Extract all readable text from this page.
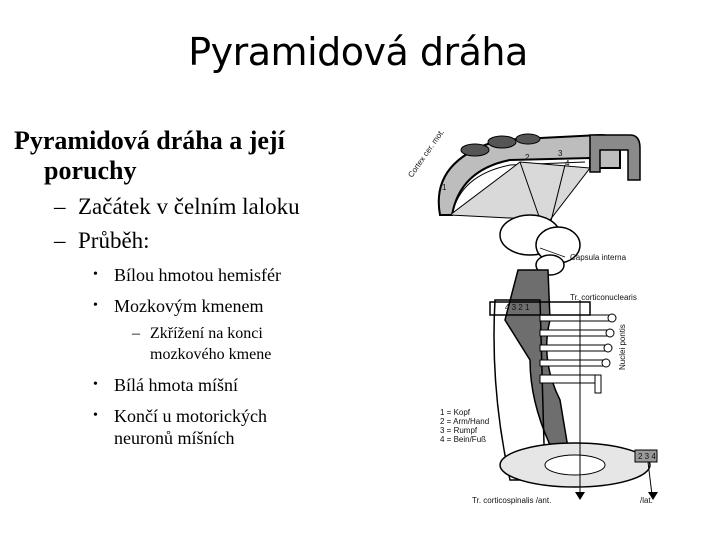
Pyramidová dráha
Pyramidová dráha a její
poruchy
– Začátek v čelním laloku
– Průběh:
• Bílou hmotou hemisfér
• Mozkovým kmenem
– Zkřížení na konci
mozkového kmene
• Bílá hmota míšní
• Končí u motorických
neuronů míšních
Cortex cer. mot.	2	3
4
1
Capsula interna
Tr. corticonuclearis
4 3 2 1
Nuclei pontis
2 3 4
Tr. corticospinalis /ant.	/lat.
1 = Kopf
2 = Arm/Hand
3 = Rumpf
4 = Bein/Fuß
